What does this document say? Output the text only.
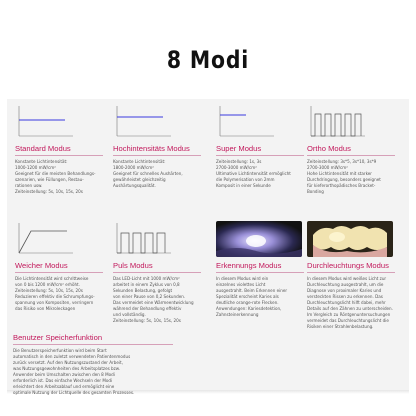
8 Modi
Standard Modus
Konstante Lichtintensität:
1000-1200 mW/cm²
Geeignet für die meisten Behandlungs-
szenarien, wie Füllungen, Restau-
rationen usw.
Zeiteinstellung: 5s, 10s, 15s, 20s
Hochintensitäts Modus
Konstante Lichtintensität:
1800-2000 mW/cm²
Geeignet für schnelles Aushärten,
gewährleistet gleichzeitig
Aushärtungsqualität.
Super Modus
Zeiteinstellung: 1s, 3s
2700-3000 mW/cm²
Ultimative Lichtintensität ermöglicht
die Polymerisation von 2mm
Komposit in einer Sekunde
Ortho Modus
Zeiteinstellung: 3s*5, 3s*10, 3s*9
2700-3000 mW/cm²
Hohe Lichtintensität mit starker
Durchdringung, besonders geeignet
für kieferorthopädisches Bracket-
Bonding
Weicher Modus
Die Lichtintensität wird schrittweise
von 0 bis 1200 mW/cm² erhöht.
Zeiteinstellung: 5s, 10s, 15s, 20s
Reduzieren effektiv die Schrumpfungs-
spannung von Kompositen, verringern
das Risiko von Mikroleckagen
Puls Modus
Das LED-Licht mit 1000 mW/cm²
arbeitet in einem Zyklus von 0,8
Sekunden Belastung, gefolgt
von einer Pause von 0,2 Sekunden.
Das vermeidet eine Wärmeentwicklung
während der Behandlung effektiv
und vollständig.
Zeiteinstellung: 5s, 10s, 15s, 20s
Erkennungs Modus
In diesem Modus wird ein
einzelnes violettes Licht
ausgestrahlt. Beim Erkennen einer
Spezialität erscheint Karies als
deutliche orange-rote Flecken.
Anwendungen: Kariesdetektion,
Zahnsteinerkennung
Durchleuchtungs Modus
In diesem Modus wird weißes Licht zur
Durchleuchtung ausgestrahlt, um die
Diagnose von proximaler Karies und
versteckten Rissen zu erkennen. Das
Durchleuchtungslicht hilft dabei, mehr
Details auf den Zähnen zu unterscheiden.
Im Vergleich zu Röntgenuntersuchungen
vermeidet das Durchleuchtungslicht die
Risiken einer Strahlenbelastung.
Benutzer Speicherfunktion
Die Benutzerspeicherfunktion wird beim Start
automatisch in den zuletzt verwendeten Patientenmodus
zurück versetzt. Auf den Nutzungszustand der Arbeit,
was Nutzungsgewohnheiten des Arbeitsplatzes bzw.
Anwender beim Umschalten zwischen den 8 Modi
erforderlich ist. Das einfache Wechseln der Modi
erleichtert den Arbeitsablauf und ermöglicht eine
optimale Nutzung der Lichtquelle des gesamten Prozesses.
